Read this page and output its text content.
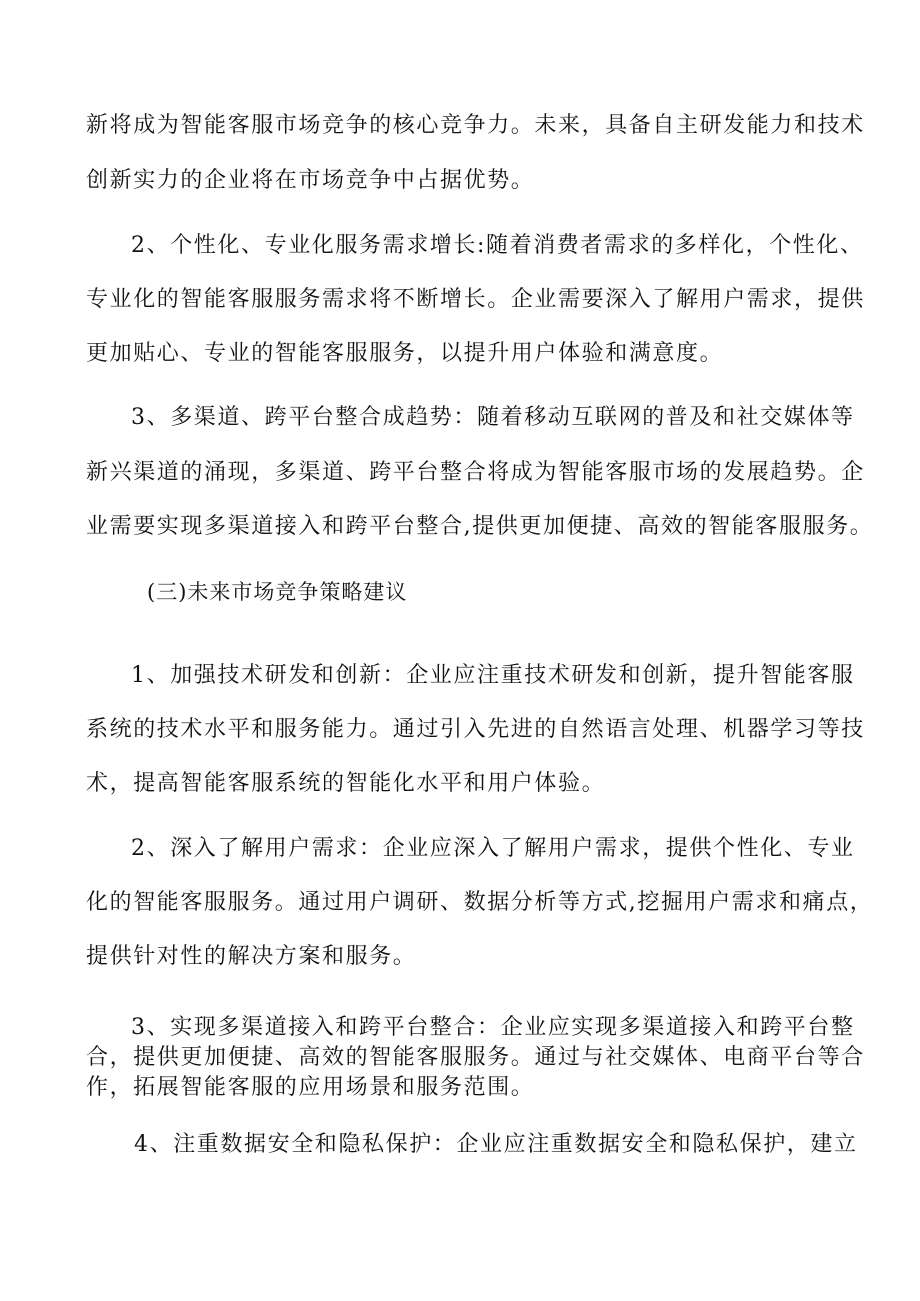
新将成为智能客服市场竞争的核心竞争力。未来，具备自主研发能力和技术
创新实力的企业将在市场竞争中占据优势。
2、个性化、专业化服务需求增长:随着消费者需求的多样化，个性化、
专业化的智能客服服务需求将不断增长。企业需要深入了解用户需求，提供
更加贴心、专业的智能客服服务，以提升用户体验和满意度。
3、多渠道、跨平台整合成趋势：随着移动互联网的普及和社交媒体等
新兴渠道的涌现，多渠道、跨平台整合将成为智能客服市场的发展趋势。企
业需要实现多渠道接入和跨平台整合,提供更加便捷、高效的智能客服服务。
(三)未来市场竞争策略建议
1、加强技术研发和创新：企业应注重技术研发和创新，提升智能客服
系统的技术水平和服务能力。通过引入先进的自然语言处理、机器学习等技
术，提高智能客服系统的智能化水平和用户体验。
2、深入了解用户需求：企业应深入了解用户需求，提供个性化、专业
化的智能客服服务。通过用户调研、数据分析等方式,挖掘用户需求和痛点，
提供针对性的解决方案和服务。
3、实现多渠道接入和跨平台整合：企业应实现多渠道接入和跨平台整
合，提供更加便捷、高效的智能客服服务。通过与社交媒体、电商平台等合
作，拓展智能客服的应用场景和服务范围。
4、注重数据安全和隐私保护：企业应注重数据安全和隐私保护，建立
